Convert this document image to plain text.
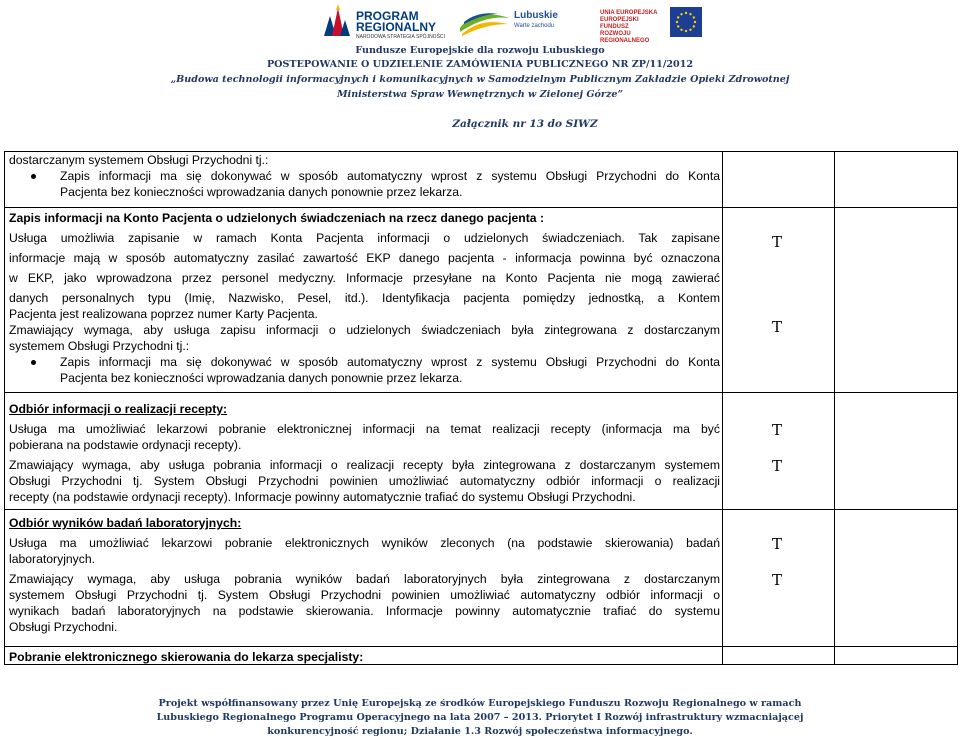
PROGRAM
REGIONALNY
NARODOWA STRATEGIA SPÓJNOŚCI
Lubuskie
Warte zachodu
UNIA EUROPEJSKA
EUROPEJSKI FUNDUSZ
ROZWOJU REGIONALNEGO
Fundusze Europejskie dla rozwoju Lubuskiego
POSTEPOWANIE O UDZIELENIE ZAMÓWIENIA PUBLICZNEGO NR ZP/11/2012
„Budowa technologii informacyjnych i komunikacyjnych w Samodzielnym Publicznym Zakładzie Opieki Zdrowotnej
Ministerstwa Spraw Wewnętrznych w Zielonej Górze”
Załącznik nr 13 do SIWZ
dostarczanym systemem Obsługi Przychodni tj.:
Zapis informacji ma się dokonywać w sposób automatyczny wprost z systemu Obsługi Przychodni do Konta
Pacjenta bez konieczności wprowadzania danych ponownie przez lekarza.
Zapis informacji na Konto Pacjenta o udzielonych świadczeniach na rzecz danego pacjenta :
Usługa umożliwia zapisanie w ramach Konta Pacjenta informacji o udzielonych świadczeniach. Tak zapisane
informacje mają w sposób automatyczny zasilać zawartość EKP danego pacjenta - informacja powinna być oznaczona
w EKP, jako wprowadzona przez personel medyczny. Informacje przesyłane na Konto Pacjenta nie mogą zawierać
danych personalnych typu (Imię, Nazwisko, Pesel, itd.). Identyfikacja pacjenta pomiędzy jednostką, a Kontem
Pacjenta jest realizowana poprzez numer Karty Pacjenta.
Zmawiający wymaga, aby usługa zapisu informacji o udzielonych świadczeniach była zintegrowana z dostarczanym
systemem Obsługi Przychodni tj.:
Zapis informacji ma się dokonywać w sposób automatyczny wprost z systemu Obsługi Przychodni do Konta
Pacjenta bez konieczności wprowadzania danych ponownie przez lekarza.
T
T
Odbiór informacji o realizacji recepty:
Usługa ma umożliwiać lekarzowi pobranie elektronicznej informacji na temat realizacji recepty (informacja ma być
pobierana na podstawie ordynacji recepty).
Zmawiający wymaga, aby usługa pobrania informacji o realizacji recepty była zintegrowana z dostarczanym systemem
Obsługi Przychodni tj. System Obsługi Przychodni powinien umożliwiać automatyczny odbiór informacji o realizacji
recepty (na podstawie ordynacji recepty). Informacje powinny automatycznie trafiać do systemu Obsługi Przychodni.
T
T
Odbiór wyników badań laboratoryjnych:
Usługa ma umożliwiać lekarzowi pobranie elektronicznych wyników zleconych (na podstawie skierowania) badań
laboratoryjnych.
Zmawiający wymaga, aby usługa pobrania wyników badań laboratoryjnych była zintegrowana z dostarczanym
systemem Obsługi Przychodni tj. System Obsługi Przychodni powinien umożliwiać automatyczny odbiór informacji o
wynikach badań laboratoryjnych na podstawie skierowania. Informacje powinny automatycznie trafiać do systemu
Obsługi Przychodni.
T
T
Pobranie elektronicznego skierowania do lekarza specjalisty:
Projekt współfinansowany przez Unię Europejską ze środków Europejskiego Funduszu Rozwoju Regionalnego w ramach
Lubuskiego Regionalnego Programu Operacyjnego na lata 2007 – 2013. Priorytet I Rozwój infrastruktury wzmacniającej
konkurencyjność regionu; Działanie 1.3 Rozwój społeczeństwa informacyjnego.
